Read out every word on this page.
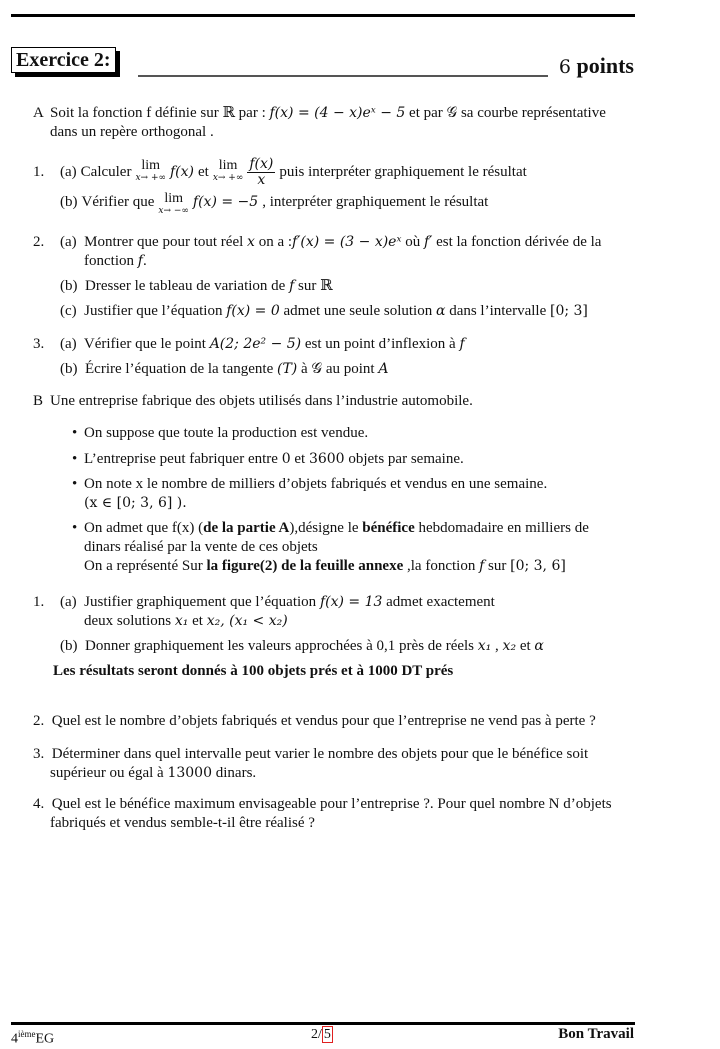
Exercice 2:	6 points
A Soit la fonction f définie sur ℝ par : f(x) = (4 − x)eˣ − 5 et par 𝒢 sa courbe représentative
dans un repère orthogonal .
1. (a) Calculer lim
x→ +∞ f(x) et lim
x→ +∞ $\frac{f(x)}{x}$ puis interpréter graphiquement le résultat
(b) Vérifier que lim
x→ −∞
f(x) = −5 , interpréter graphiquement le résultat
2. (a) Montrer que pour tout réel x on a :f′(x) = (3 − x)eˣ où f′ est la fonction dérivée de la
fonction f.
(b) Dresser le tableau de variation de f sur ℝ
(c) Justifier que l’équation f(x) = 0 admet une seule solution α dans l’intervalle [0; 3]
3. (a) Vérifier que le point A(2; 2e² − 5) est un point d’inflexion à f
(b) Écrire l’équation de la tangente (T) à 𝒢 au point A
B Une entreprise fabrique des objets utilisés dans l’industrie automobile.
• On suppose que toute la production est vendue.
• L’entreprise peut fabriquer entre 0 et 3600 objets par semaine.
• On note x le nombre de milliers d’objets fabriqués et vendus en une semaine.
(x ∈ [0; 3, 6] ).
• On admet que f(x) (de la partie A),désigne le bénéfice hebdomadaire en milliers de
dinars réalisé par la vente de ces objets
On a représenté Sur la figure(2) de la feuille annexe ,la fonction f sur [0; 3, 6]
1. (a) Justifier graphiquement que l’équation f(x) = 13 admet exactement
deux solutions x₁ et x₂, (x₁ < x₂)
(b) Donner graphiquement les valeurs approchées à 0,1 près de réels x₁ , x₂ et α
Les résultats seront donnés à 100 objets prés et à 1000 DT prés
2. Quel est le nombre d’objets fabriqués et vendus pour que l’entreprise ne vend pas à perte ?
3. Déterminer dans quel intervalle peut varier le nombre des objets pour que le bénéfice soit
supérieur ou égal à 13000 dinars.
4. Quel est le bénéfice maximum envisageable pour l’entreprise ?. Pour quel nombre N d’objets
fabriqués et vendus semble-t-il être réalisé ?
4ièmeEG	2/ 5	Bon Travail
